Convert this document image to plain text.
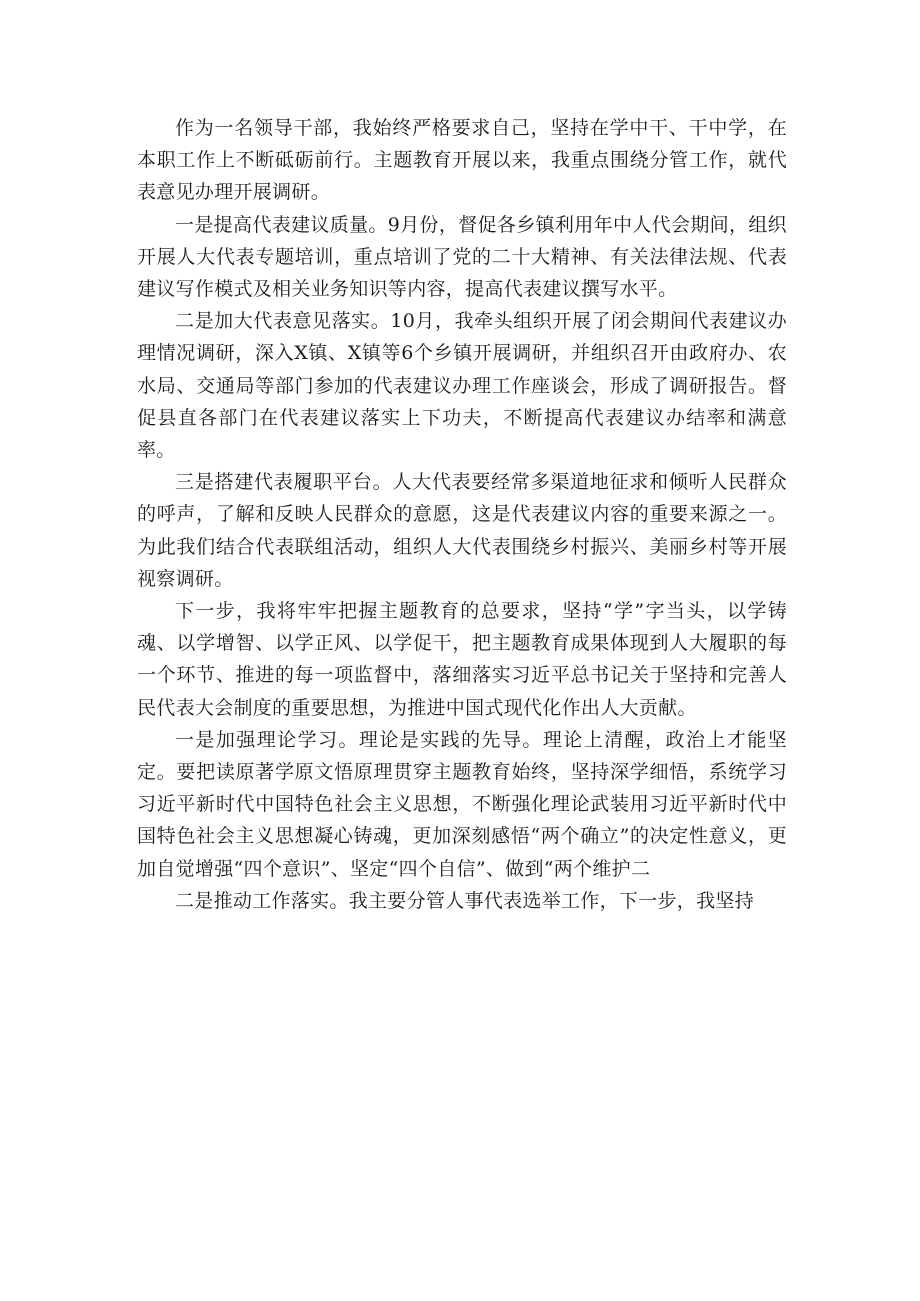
作为一名领导干部，我始终严格要求自己，坚持在学中干、干中学，在本职工作上不断砥砺前行。主题教育开展以来，我重点围绕分管工作，就代表意见办理开展调研。

一是提高代表建议质量。9月份，督促各乡镇利用年中人代会期间，组织开展人大代表专题培训，重点培训了党的二十大精神、有关法律法规、代表建议写作模式及相关业务知识等内容，提高代表建议撰写水平。

二是加大代表意见落实。10月，我牵头组织开展了闭会期间代表建议办理情况调研，深入X镇、X镇等6个乡镇开展调研，并组织召开由政府办、农水局、交通局等部门参加的代表建议办理工作座谈会，形成了调研报告。督促县直各部门在代表建议落实上下功夫，不断提高代表建议办结率和满意率。

三是搭建代表履职平台。人大代表要经常多渠道地征求和倾听人民群众的呼声，了解和反映人民群众的意愿，这是代表建议内容的重要来源之一。为此我们结合代表联组活动，组织人大代表围绕乡村振兴、美丽乡村等开展视察调研。

下一步，我将牢牢把握主题教育的总要求，坚持“学”字当头，以学铸魂、以学增智、以学正风、以学促干，把主题教育成果体现到人大履职的每一个环节、推进的每一项监督中，落细落实习近平总书记关于坚持和完善人民代表大会制度的重要思想，为推进中国式现代化作出人大贡献。

一是加强理论学习。理论是实践的先导。理论上清醒，政治上才能坚定。要把读原著学原文悟原理贯穿主题教育始终，坚持深学细悟，系统学习习近平新时代中国特色社会主义思想，不断强化理论武装用习近平新时代中国特色社会主义思想凝心铸魂，更加深刻感悟“两个确立”的决定性意义，更加自觉增强“四个意识”、坚定“四个自信”、做到“两个维护二

二是推动工作落实。我主要分管人事代表选举工作，下一步，我坚持
